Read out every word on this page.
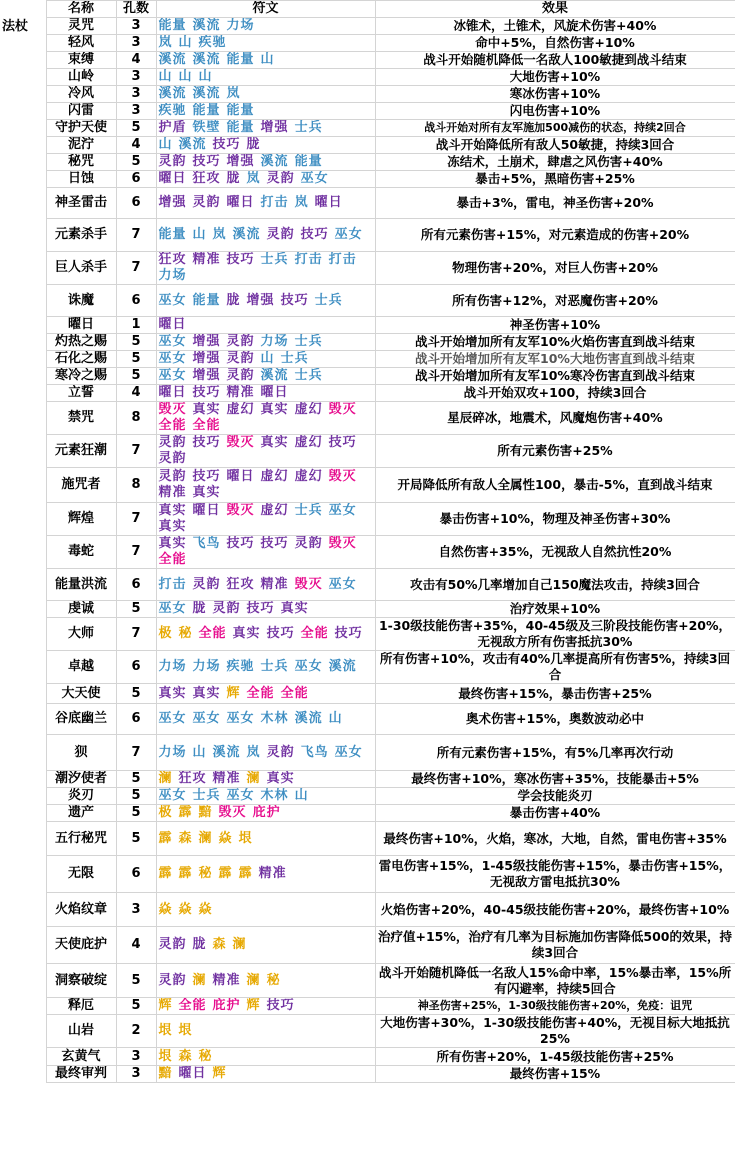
	名称	孔数	符文	效果
法杖	灵咒	3	能量 溪流 力场	冰锥术，土锥术，风旋术伤害+40%
	轻风	3	岚 山 疾驰	命中+5%，自然伤害+10%
	束缚	4	溪流 溪流 能量 山	战斗开始随机降低一名敌人100敏捷到战斗结束
	山岭	3	山 山 山	大地伤害+10%
	冷风	3	溪流 溪流 岚	寒冰伤害+10%
	闪雷	3	疾驰 能量 能量	闪电伤害+10%
	守护天使	5	护盾 铁壁 能量 增强 士兵	战斗开始对所有友军施加500减伤的状态，持续2回合
	泥泞	4	山 溪流 技巧 胧	战斗开始降低所有敌人50敏捷，持续3回合
	秘咒	5	灵韵 技巧 增强 溪流 能量	冻结术，土崩术，肆虐之风伤害+40%
	日蚀	6	曜日 狂攻 胧 岚 灵韵 巫女	暴击+5%，黑暗伤害+25%
	神圣雷击	6	增强 灵韵 曜日 打击 岚 曜日	暴击+3%，雷电，神圣伤害+20%
	元素杀手	7	能量 山 岚 溪流 灵韵 技巧 巫女	所有元素伤害+15%，对元素造成的伤害+20%
	巨人杀手	7	狂攻 精准 技巧 士兵 打击 打击力场	物理伤害+20%，对巨人伤害+20%
	诛魔	6	巫女 能量 胧 增强 技巧 士兵	所有伤害+12%，对恶魔伤害+20%
	曜日	1	曜日	神圣伤害+10%
	灼热之赐	5	巫女 增强 灵韵 力场 士兵	战斗开始增加所有友军10%火焰伤害直到战斗结束
	石化之赐	5	巫女 增强 灵韵 山 士兵	战斗开始增加所有友军10%大地伤害直到战斗结束
	寒冷之赐	5	巫女 增强 灵韵 溪流 士兵	战斗开始增加所有友军10%寒冷伤害直到战斗结束
	立誓	4	曜日 技巧 精准 曜日	战斗开始双攻+100，持续3回合
	禁咒	8	毁灭 真实 虚幻 真实 虚幻 毁灭全能 全能	星辰碎冰，地震术，风魔炮伤害+40%
	元素狂潮	7	灵韵 技巧 毁灭 真实 虚幻 技巧灵韵	所有元素伤害+25%
	施咒者	8	灵韵 技巧 曜日 虚幻 虚幻 毁灭精准 真实	开局降低所有敌人全属性100，暴击-5%，直到战斗结束
	辉煌	7	真实 曜日 毁灭 虚幻 士兵 巫女真实	暴击伤害+10%，物理及神圣伤害+30%
	毒蛇	7	真实 飞鸟 技巧 技巧 灵韵 毁灭全能	自然伤害+35%，无视敌人自然抗性20%
	能量洪流	6	打击 灵韵 狂攻 精准 毁灭 巫女	攻击有50%几率增加自己150魔法攻击，持续3回合
	虔诚	5	巫女 胧 灵韵 技巧 真实	治疗效果+10%
	大师	7	极 秘 全能 真实 技巧 全能 技巧	1-30级技能伤害+35%，40-45级及三阶段技能伤害+20%，无视敌方所有伤害抵抗30%
	卓越	6	力场 力场 疾驰 士兵 巫女 溪流	所有伤害+10%，攻击有40%几率提高所有伤害5%，持续3回合
	大天使	5	真实 真实 辉 全能 全能	最终伤害+15%，暴击伤害+25%
	谷底幽兰	6	巫女 巫女 巫女 木林 溪流 山	奥术伤害+15%，奥数波动必中
	狈	7	力场 山 溪流 岚 灵韵 飞鸟 巫女	所有元素伤害+15%，有5%几率再次行动
	潮汐使者	5	澜 狂攻 精准 澜 真实	最终伤害+10%，寒冰伤害+35%，技能暴击+5%
	炎刃	5	巫女 士兵 巫女 木林 山	学会技能炎刃
	遗产	5	极 霹 黯 毁灭 庇护	暴击伤害+40%
	五行秘咒	5	霹 森 澜 焱 垠	最终伤害+10%，火焰，寒冰，大地，自然，雷电伤害+35%
	无限	6	霹 霹 秘 霹 霹 精准	雷电伤害+15%，1-45级技能伤害+15%，暴击伤害+15%，无视敌方雷电抵抗30%
	火焰纹章	3	焱 焱 焱	火焰伤害+20%，40-45级技能伤害+20%，最终伤害+10%
	天使庇护	4	灵韵 胧 森 澜	治疗值+15%，治疗有几率为目标施加伤害降低500的效果，持续3回合
	洞察破绽	5	灵韵 澜 精准 澜 秘	战斗开始随机降低一名敌人15%命中率，15%暴击率，15%所有闪避率，持续5回合
	释厄	5	辉 全能 庇护 辉 技巧	神圣伤害+25%，1-30级技能伤害+20%，免疫：诅咒
	山岩	2	垠 垠	大地伤害+30%，1-30级技能伤害+40%，无视目标大地抵抗25%
	玄黄气	3	垠 森 秘	所有伤害+20%，1-45级技能伤害+25%
	最终审判	3	黯 曜日 辉	最终伤害+15%
